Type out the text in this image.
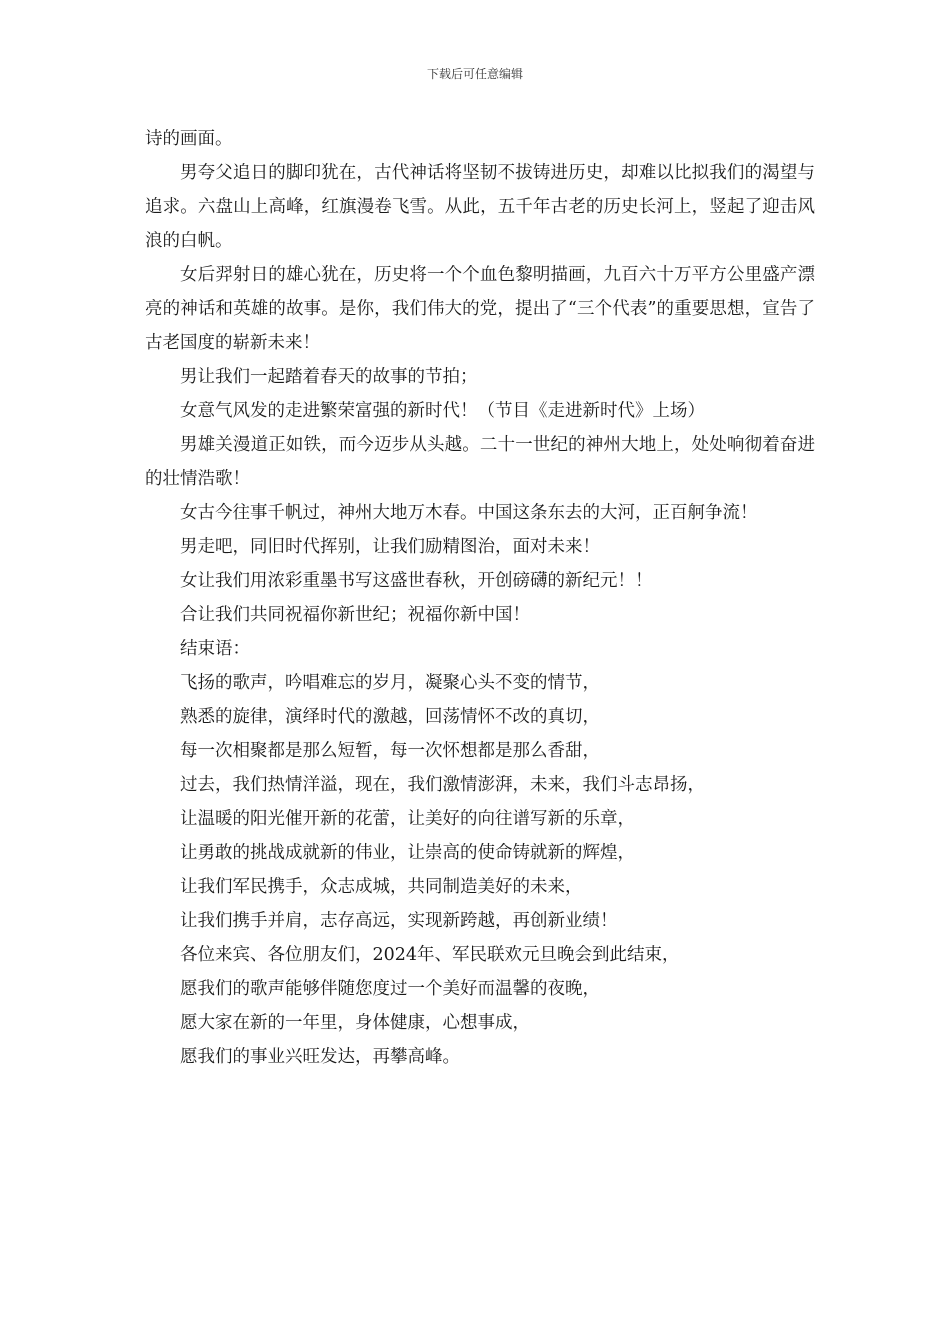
下载后可任意编辑

诗的画面。

男夸父追日的脚印犹在，古代神话将坚韧不拔铸进历史，却难以比拟我们的渴望与追求。六盘山上高峰，红旗漫卷飞雪。从此，五千年古老的历史长河上，竖起了迎击风浪的白帆。

女后羿射日的雄心犹在，历史将一个个血色黎明描画，九百六十万平方公里盛产漂亮的神话和英雄的故事。是你，我们伟大的党，提出了“三个代表”的重要思想，宣告了古老国度的崭新未来！

男让我们一起踏着春天的故事的节拍；

女意气风发的走进繁荣富强的新时代！（节目《走进新时代》上场）

男雄关漫道正如铁，而今迈步从头越。二十一世纪的神州大地上，处处响彻着奋进的壮情浩歌！

女古今往事千帆过，神州大地万木春。中国这条东去的大河，正百舸争流！

男走吧，同旧时代挥别，让我们励精图治，面对未来！

女让我们用浓彩重墨书写这盛世春秋，开创磅礴的新纪元！！

合让我们共同祝福你新世纪；祝福你新中国！

结束语：

飞扬的歌声，吟唱难忘的岁月，凝聚心头不变的情节，

熟悉的旋律，演绎时代的激越，回荡情怀不改的真切，

每一次相聚都是那么短暂，每一次怀想都是那么香甜，

过去，我们热情洋溢，现在，我们激情澎湃，未来，我们斗志昂扬，

让温暖的阳光催开新的花蕾，让美好的向往谱写新的乐章，

让勇敢的挑战成就新的伟业，让崇高的使命铸就新的辉煌，

让我们军民携手，众志成城，共同制造美好的未来，

让我们携手并肩，志存高远，实现新跨越，再创新业绩！

各位来宾、各位朋友们，2024年、军民联欢元旦晚会到此结束，

愿我们的歌声能够伴随您度过一个美好而温馨的夜晚，

愿大家在新的一年里，身体健康，心想事成，

愿我们的事业兴旺发达，再攀高峰。
